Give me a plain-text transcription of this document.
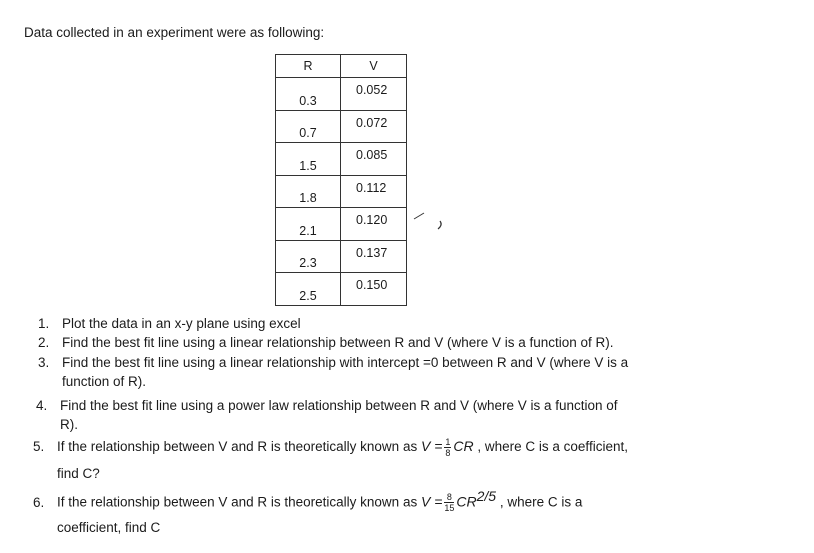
Data collected in an experiment were as following:
R	V
0.3	0.052
0.7	0.072
1.5	0.085
1.8	0.112
2.1	0.120
2.3	0.137
2.5	0.150
1. Plot the data in an x-y plane using excel
2. Find the best fit line using a linear relationship between R and V (where V is a function of R).
3. Find the best fit line using a linear relationship with intercept =0 between R and V (where V is a
function of R).
4. Find the best fit line using a power law relationship between R and V (where V is a function of
R).
5. If the relationship between V and R is theoretically known as $V = \frac{1}{8}$ CR , where C is a coefficient,
find C?
6. If the relationship between V and R is theoretically known as $V = \frac{8}{15} CR^{2/5}$ , where C is a
coefficient, find C
